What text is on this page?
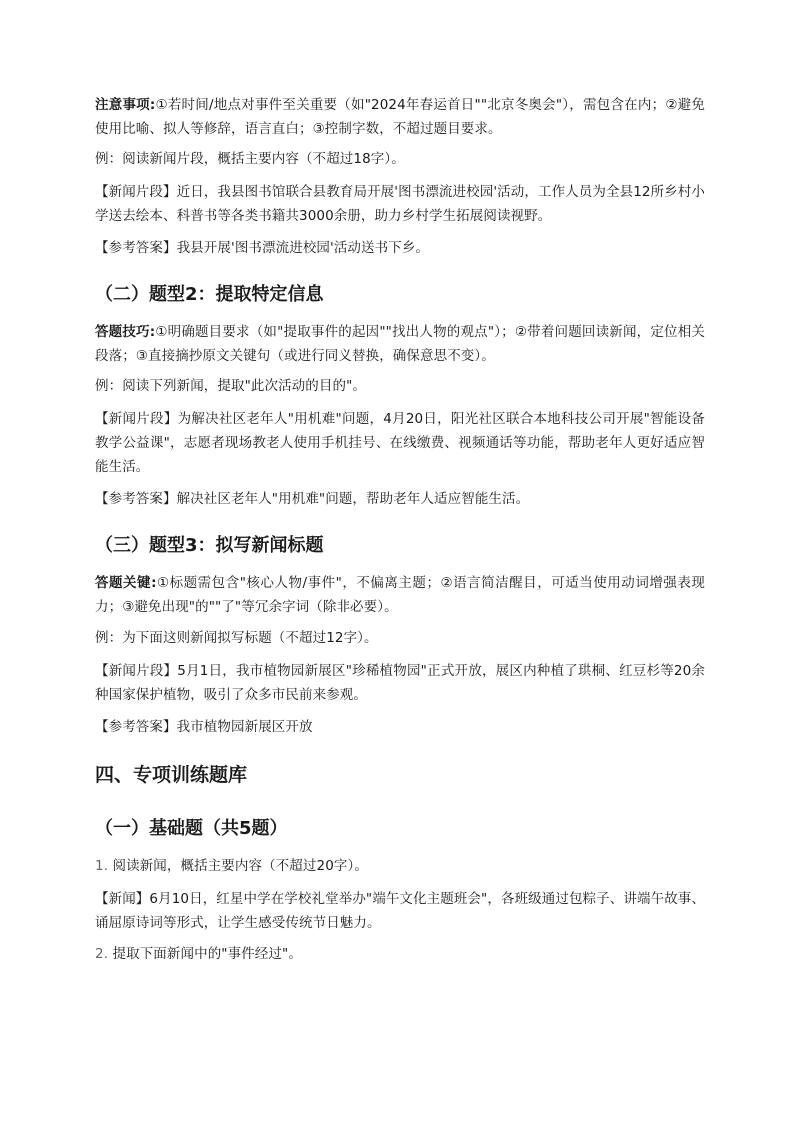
注意事项:①若时间/地点对事件至关重要（如"2024年春运首日""北京冬奥会"），需包含在内；②避免使用比喻、拟人等修辞，语言直白；③控制字数，不超过题目要求。

例：阅读新闻片段，概括主要内容（不超过18字）。

【新闻片段】近日，我县图书馆联合县教育局开展'图书漂流进校园'活动，工作人员为全县12所乡村小学送去绘本、科普书等各类书籍共3000余册，助力乡村学生拓展阅读视野。

【参考答案】我县开展'图书漂流进校园'活动送书下乡。

（二）题型2：提取特定信息

答题技巧:①明确题目要求（如"提取事件的起因""找出人物的观点"）；②带着问题回读新闻，定位相关段落；③直接摘抄原文关键句（或进行同义替换，确保意思不变）。

例：阅读下列新闻，提取"此次活动的目的"。

【新闻片段】为解决社区老年人"用机难"问题，4月20日，阳光社区联合本地科技公司开展"智能设备教学公益课"，志愿者现场教老人使用手机挂号、在线缴费、视频通话等功能，帮助老年人更好适应智能生活。

【参考答案】解决社区老年人"用机难"问题，帮助老年人适应智能生活。

（三）题型3：拟写新闻标题

答题关键:①标题需包含"核心人物/事件"，不偏离主题；②语言简洁醒目，可适当使用动词增强表现力；③避免出现"的""了"等冗余字词（除非必要）。

例：为下面这则新闻拟写标题（不超过12字）。

【新闻片段】5月1日，我市植物园新展区"珍稀植物园"正式开放，展区内种植了珙桐、红豆杉等20余种国家保护植物，吸引了众多市民前来参观。

【参考答案】我市植物园新展区开放

四、专项训练题库

（一）基础题（共5题）

1. 阅读新闻，概括主要内容（不超过20字）。

【新闻】6月10日，红星中学在学校礼堂举办"端午文化主题班会"，各班级通过包粽子、讲端午故事、诵屈原诗词等形式，让学生感受传统节日魅力。

2. 提取下面新闻中的"事件经过"。
